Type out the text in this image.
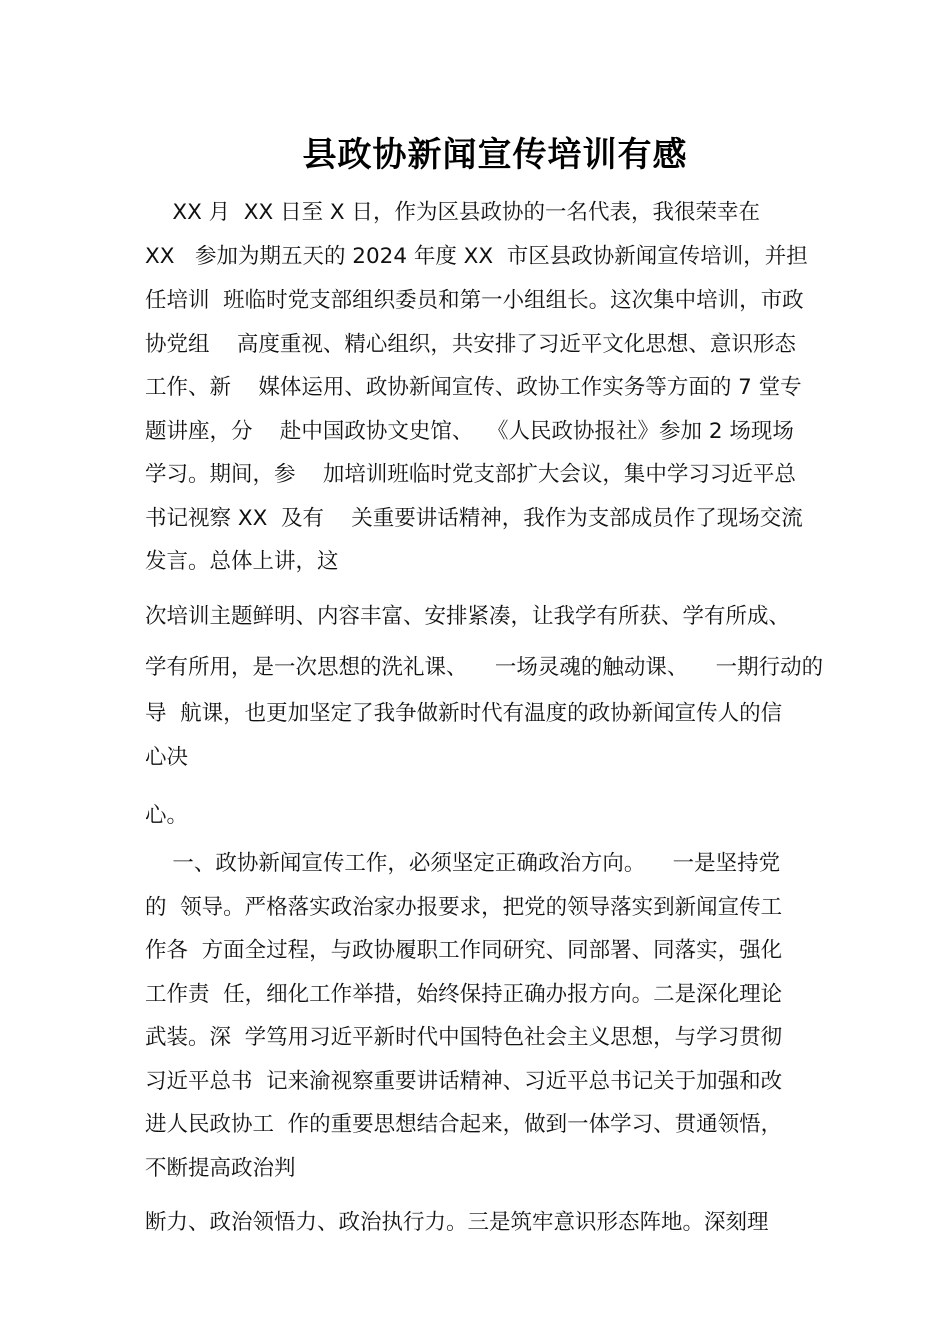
县政协新闻宣传培训有感
XX 月  XX 日至 X 日，作为区县政协的一名代表，我很荣幸在
XX   参加为期五天的 2024 年度 XX  市区县政协新闻宣传培训，并担
任培训  班临时党支部组织委员和第一小组组长。这次集中培训，市政
协党组    高度重视、精心组织，共安排了习近平文化思想、意识形态
工作、新    媒体运用、政协新闻宣传、政协工作实务等方面的 7 堂专
题讲座，分    赴中国政协文史馆、  《人民政协报社》参加 2 场现场
学习。期间，参    加培训班临时党支部扩大会议，集中学习习近平总
书记视察 XX  及有    关重要讲话精神，我作为支部成员作了现场交流
发言。总体上讲，这
次培训主题鲜明、内容丰富、安排紧凑，让我学有所获、学有所成、
学有所用，是一次思想的洗礼课、    一场灵魂的触动课、    一期行动的
导  航课，也更加坚定了我争做新时代有温度的政协新闻宣传人的信
心决
心。
一、政协新闻宣传工作，必须坚定正确政治方向。    一是坚持党
的  领导。严格落实政治家办报要求，把党的领导落实到新闻宣传工
作各  方面全过程，与政协履职工作同研究、同部署、同落实，强化
工作责  任，细化工作举措，始终保持正确办报方向。二是深化理论
武装。深  学笃用习近平新时代中国特色社会主义思想，与学习贯彻
习近平总书  记来渝视察重要讲话精神、习近平总书记关于加强和改
进人民政协工  作的重要思想结合起来，做到一体学习、贯通领悟，
不断提高政治判
断力、政治领悟力、政治执行力。三是筑牢意识形态阵地。深刻理
